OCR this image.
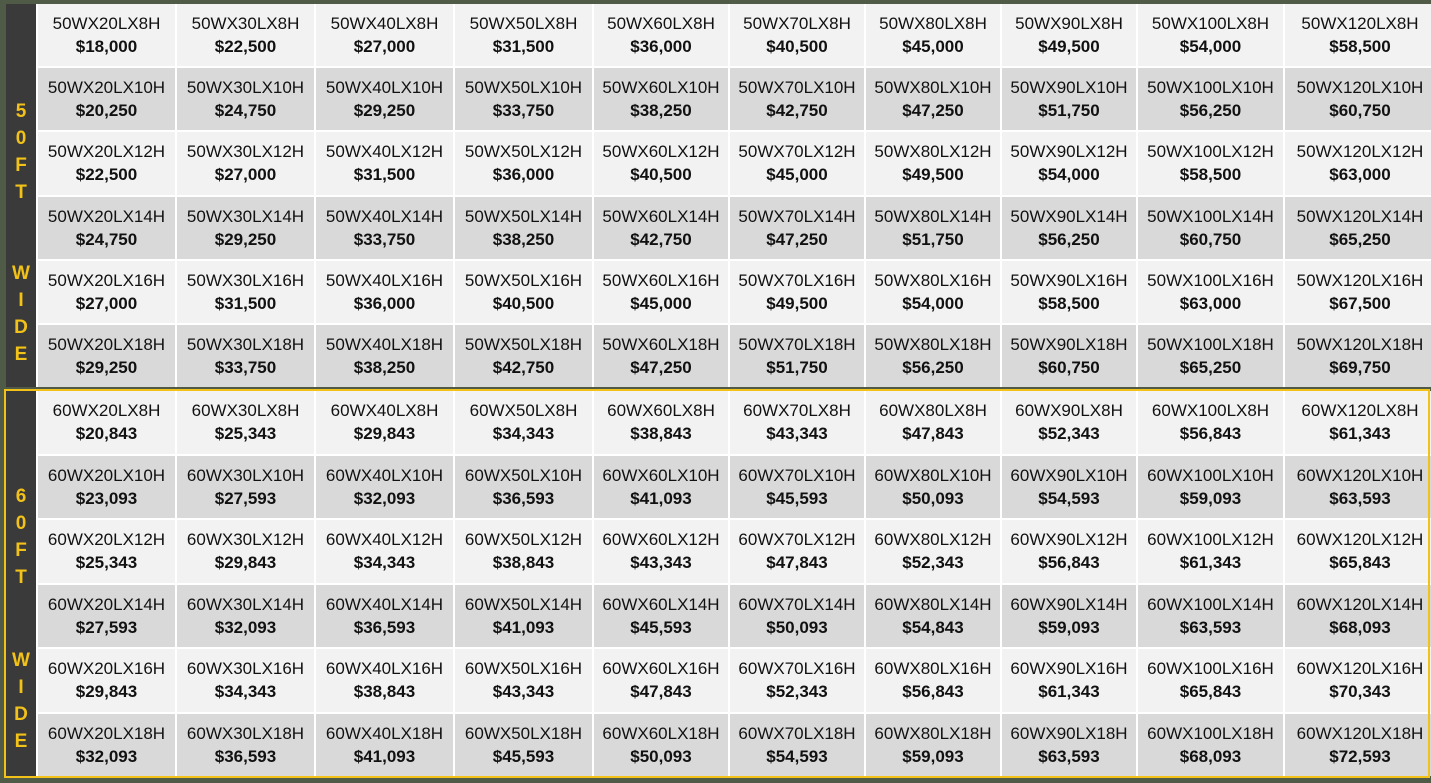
5
0
F
T
W
I
D
E
50WX20LX8H
$18,000
50WX30LX8H
$22,500
50WX40LX8H
$27,000
50WX50LX8H
$31,500
50WX60LX8H
$36,000
50WX70LX8H
$40,500
50WX80LX8H
$45,000
50WX90LX8H
$49,500
50WX100LX8H
$54,000
50WX120LX8H
$58,500
50WX20LX10H
$20,250
50WX30LX10H
$24,750
50WX40LX10H
$29,250
50WX50LX10H
$33,750
50WX60LX10H
$38,250
50WX70LX10H
$42,750
50WX80LX10H
$47,250
50WX90LX10H
$51,750
50WX100LX10H
$56,250
50WX120LX10H
$60,750
50WX20LX12H
$22,500
50WX30LX12H
$27,000
50WX40LX12H
$31,500
50WX50LX12H
$36,000
50WX60LX12H
$40,500
50WX70LX12H
$45,000
50WX80LX12H
$49,500
50WX90LX12H
$54,000
50WX100LX12H
$58,500
50WX120LX12H
$63,000
50WX20LX14H
$24,750
50WX30LX14H
$29,250
50WX40LX14H
$33,750
50WX50LX14H
$38,250
50WX60LX14H
$42,750
50WX70LX14H
$47,250
50WX80LX14H
$51,750
50WX90LX14H
$56,250
50WX100LX14H
$60,750
50WX120LX14H
$65,250
50WX20LX16H
$27,000
50WX30LX16H
$31,500
50WX40LX16H
$36,000
50WX50LX16H
$40,500
50WX60LX16H
$45,000
50WX70LX16H
$49,500
50WX80LX16H
$54,000
50WX90LX16H
$58,500
50WX100LX16H
$63,000
50WX120LX16H
$67,500
50WX20LX18H
$29,250
50WX30LX18H
$33,750
50WX40LX18H
$38,250
50WX50LX18H
$42,750
50WX60LX18H
$47,250
50WX70LX18H
$51,750
50WX80LX18H
$56,250
50WX90LX18H
$60,750
50WX100LX18H
$65,250
50WX120LX18H
$69,750
6
0
F
T
W
I
D
E
60WX20LX8H
$20,843
60WX30LX8H
$25,343
60WX40LX8H
$29,843
60WX50LX8H
$34,343
60WX60LX8H
$38,843
60WX70LX8H
$43,343
60WX80LX8H
$47,843
60WX90LX8H
$52,343
60WX100LX8H
$56,843
60WX120LX8H
$61,343
60WX20LX10H
$23,093
60WX30LX10H
$27,593
60WX40LX10H
$32,093
60WX50LX10H
$36,593
60WX60LX10H
$41,093
60WX70LX10H
$45,593
60WX80LX10H
$50,093
60WX90LX10H
$54,593
60WX100LX10H
$59,093
60WX120LX10H
$63,593
60WX20LX12H
$25,343
60WX30LX12H
$29,843
60WX40LX12H
$34,343
60WX50LX12H
$38,843
60WX60LX12H
$43,343
60WX70LX12H
$47,843
60WX80LX12H
$52,343
60WX90LX12H
$56,843
60WX100LX12H
$61,343
60WX120LX12H
$65,843
60WX20LX14H
$27,593
60WX30LX14H
$32,093
60WX40LX14H
$36,593
60WX50LX14H
$41,093
60WX60LX14H
$45,593
60WX70LX14H
$50,093
60WX80LX14H
$54,843
60WX90LX14H
$59,093
60WX100LX14H
$63,593
60WX120LX14H
$68,093
60WX20LX16H
$29,843
60WX30LX16H
$34,343
60WX40LX16H
$38,843
60WX50LX16H
$43,343
60WX60LX16H
$47,843
60WX70LX16H
$52,343
60WX80LX16H
$56,843
60WX90LX16H
$61,343
60WX100LX16H
$65,843
60WX120LX16H
$70,343
60WX20LX18H
$32,093
60WX30LX18H
$36,593
60WX40LX18H
$41,093
60WX50LX18H
$45,593
60WX60LX18H
$50,093
60WX70LX18H
$54,593
60WX80LX18H
$59,093
60WX90LX18H
$63,593
60WX100LX18H
$68,093
60WX120LX18H
$72,593
